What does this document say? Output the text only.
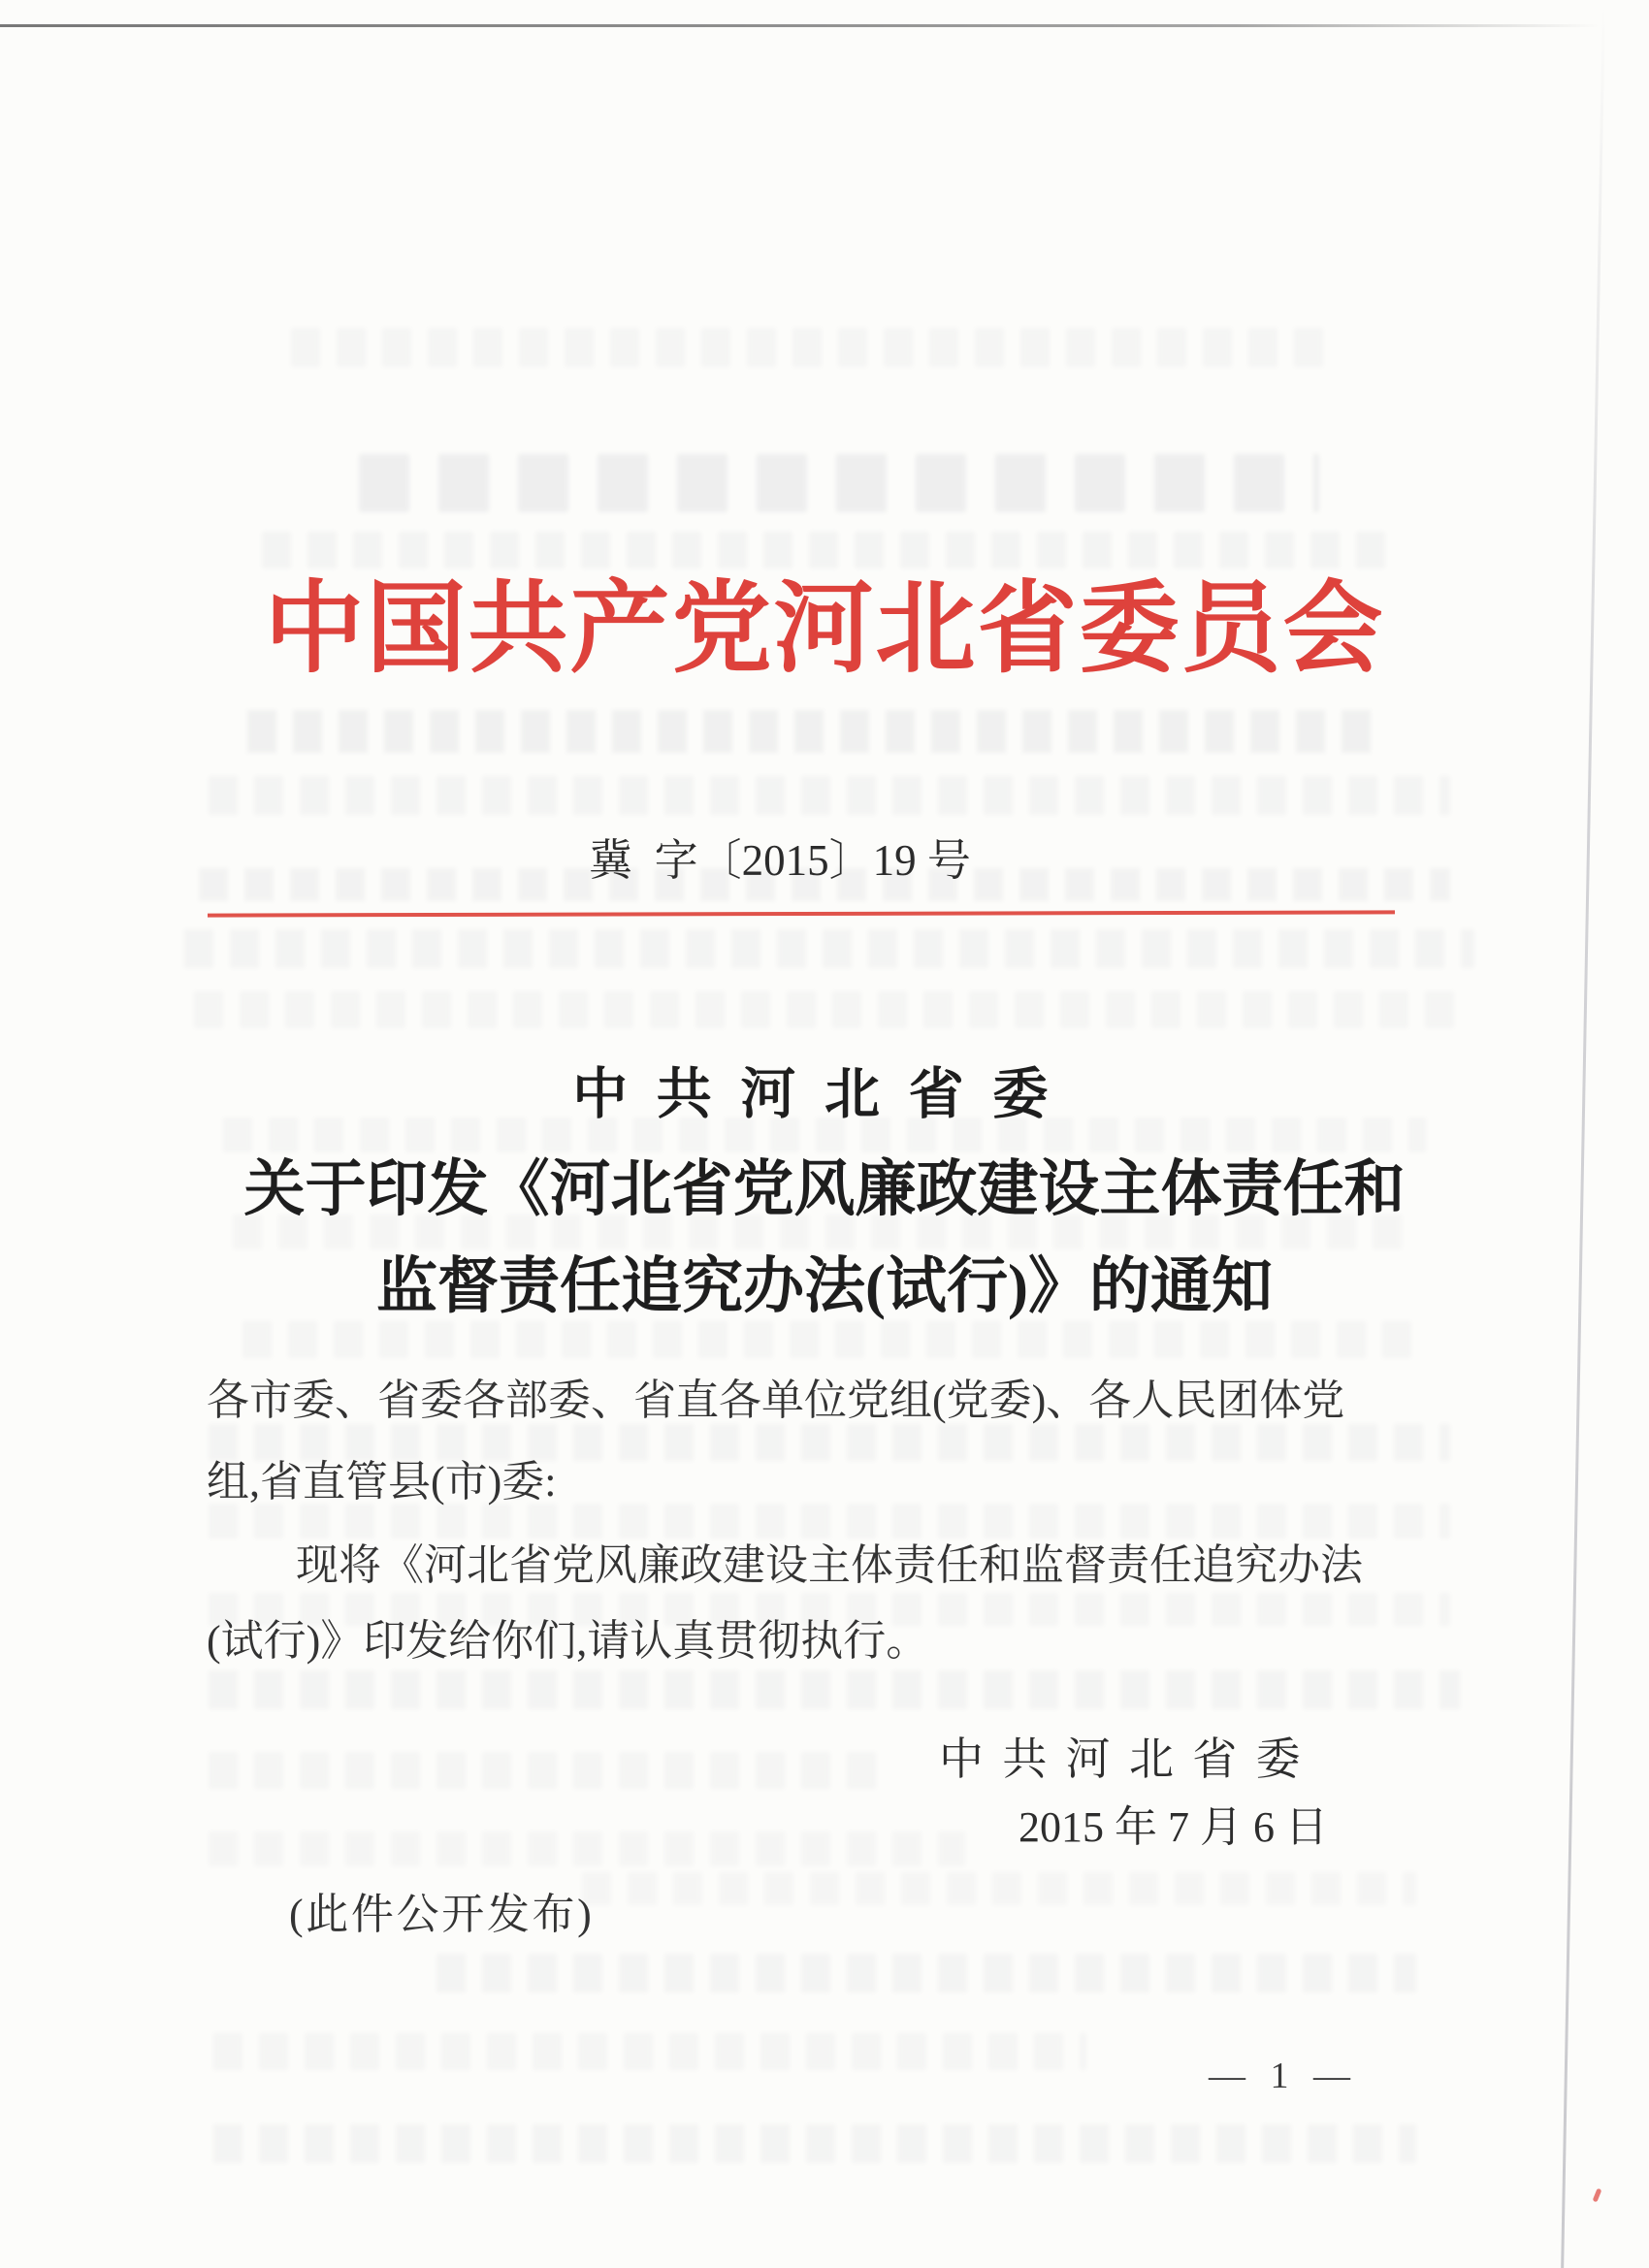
中国共产党河北省委员会
冀  字〔2015〕19 号
中共河北省委
关于印发《河北省党风廉政建设主体责任和
监督责任追究办法(试行)》的通知
各市委、省委各部委、省直各单位党组(党委)、各人民团体党
组,省直管县(市)委:
现将《河北省党风廉政建设主体责任和监督责任追究办法
(试行)》印发给你们,请认真贯彻执行。
中共河北省委
2015 年 7 月 6 日
(此件公开发布)
— 1 —
